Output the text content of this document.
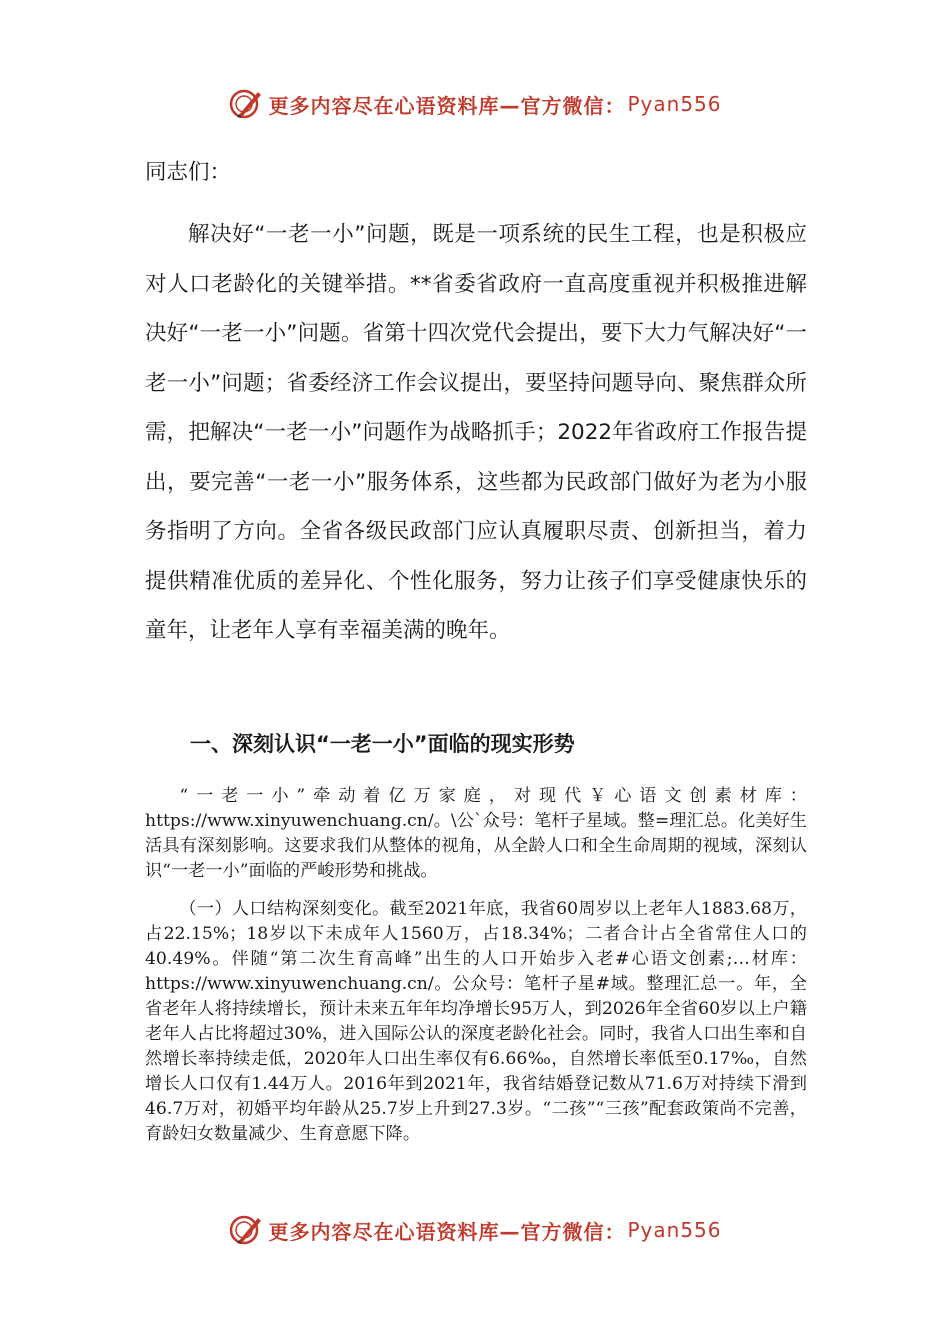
更多内容尽在心语资料库—官方微信： Pyan556

同志们：

解决好“一老一小”问题，既是一项系统的民生工程，也是积极应对人口老龄化的关键举措。**省委省政府一直高度重视并积极推进解决好“一老一小”问题。省第十四次党代会提出，要下大力气解决好“一老一小”问题；省委经济工作会议提出，要坚持问题导向、聚焦群众所需，把解决“一老一小”问题作为战略抓手；2022年省政府工作报告提出，要完善“一老一小”服务体系，这些都为民政部门做好为老为小服务指明了方向。全省各级民政部门应认真履职尽责、创新担当，着力提供精准优质的差异化、个性化服务，努力让孩子们享受健康快乐的童年，让老年人享有幸福美满的晚年。

一、深刻认识“一老一小”面临的现实形势

“一老一小”牵动着亿万家庭，对现代￥心语文创素材库：https://www.xinyuwenchuang.cn/。\公`众号：笔杆子星域。整=理汇总。化美好生活具有深刻影响。这要求我们从整体的视角，从全龄人口和全生命周期的视域，深刻认识“一老一小”面临的严峻形势和挑战。

（一）人口结构深刻变化。截至2021年底，我省60周岁以上老年人1883.68万，占22.15%；18岁以下未成年人1560万，占18.34%；二者合计占全省常住人口的40.49%。伴随“第二次生育高峰”出生的人口开始步入老#心语文创素;…材库：https://www.xinyuwenchuang.cn/。公众号：笔杆子星#域。整理汇总一。年，全省老年人将持续增长，预计未来五年年均净增长95万人，到2026年全省60岁以上户籍老年人占比将超过30%，进入国际公认的深度老龄化社会。同时，我省人口出生率和自然增长率持续走低，2020年人口出生率仅有6.66‰，自然增长率低至0.17‰，自然增长人口仅有1.44万人。2016年到2021年，我省结婚登记数从71.6万对持续下滑到46.7万对，初婚平均年龄从25.7岁上升到27.3岁。“二孩”“三孩”配套政策尚不完善，育龄妇女数量减少、生育意愿下降。

更多内容尽在心语资料库—官方微信： Pyan556
